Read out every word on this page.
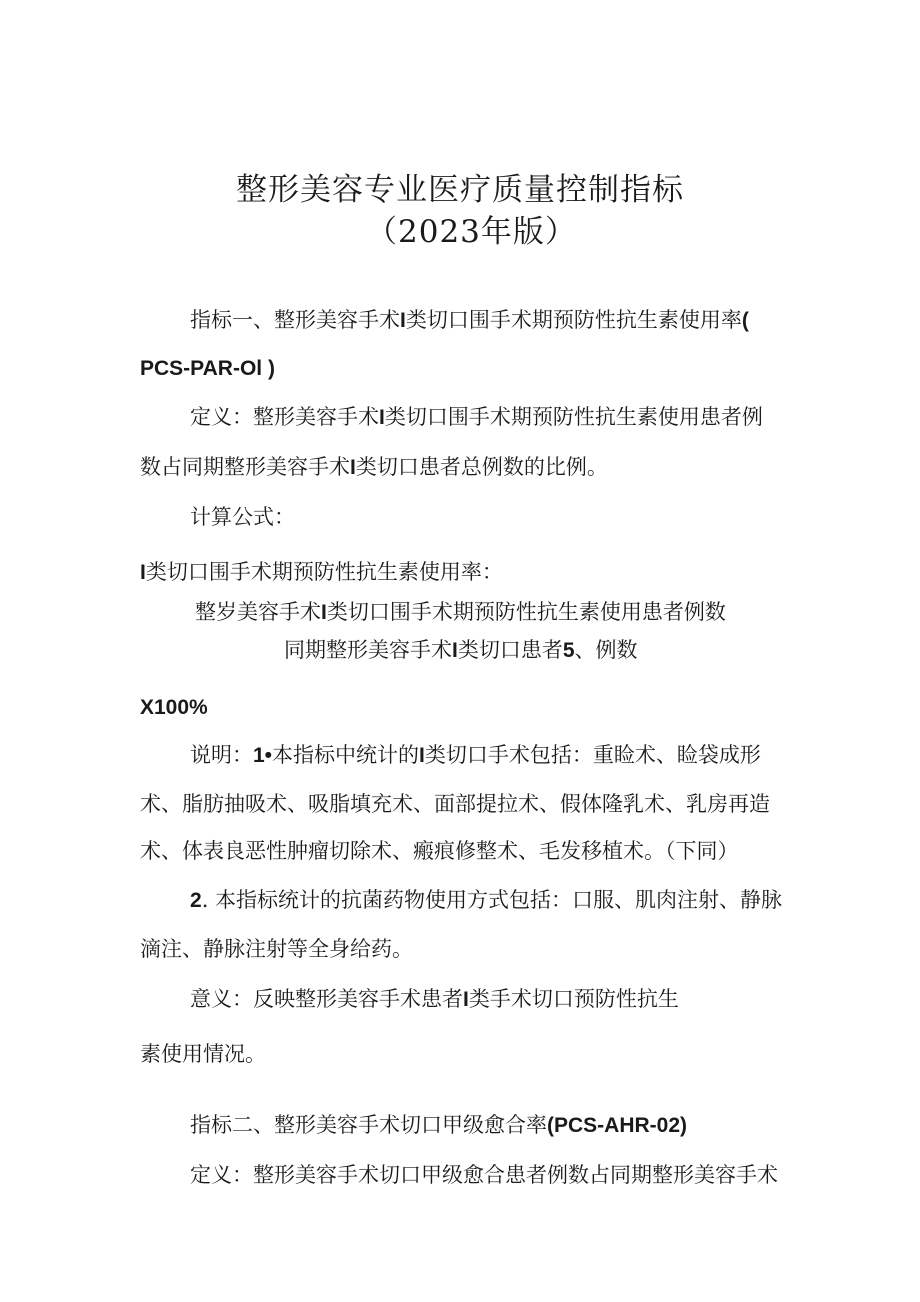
整形美容专业医疗质量控制指标
（2023年版）
指标一、整形美容手术I类切口围手术期预防性抗生素使用率(
PCS-PAR-Ol )
定义：整形美容手术I类切口围手术期预防性抗生素使用患者例
数占同期整形美容手术I类切口患者总例数的比例。
计算公式：
I类切口围手术期预防性抗生素使用率：
整岁美容手术I类切口围手术期预防性抗生素使用患者例数
同期整形美容手术I类切口患者5、例数
X100%
说明：1•本指标中统计的I类切口手术包括：重睑术、睑袋成形
术、脂肪抽吸术、吸脂填充术、面部提拉术、假体隆乳术、乳房再造
术、体表良恶性肿瘤切除术、瘢痕修整术、毛发移植术。（下同）
2. 本指标统计的抗菌药物使用方式包括：口服、肌肉注射、静脉
滴注、静脉注射等全身给药。
意义：反映整形美容手术患者I类手术切口预防性抗生
素使用情况。
指标二、整形美容手术切口甲级愈合率(PCS-AHR-02)
定义：整形美容手术切口甲级愈合患者例数占同期整形美容手术
